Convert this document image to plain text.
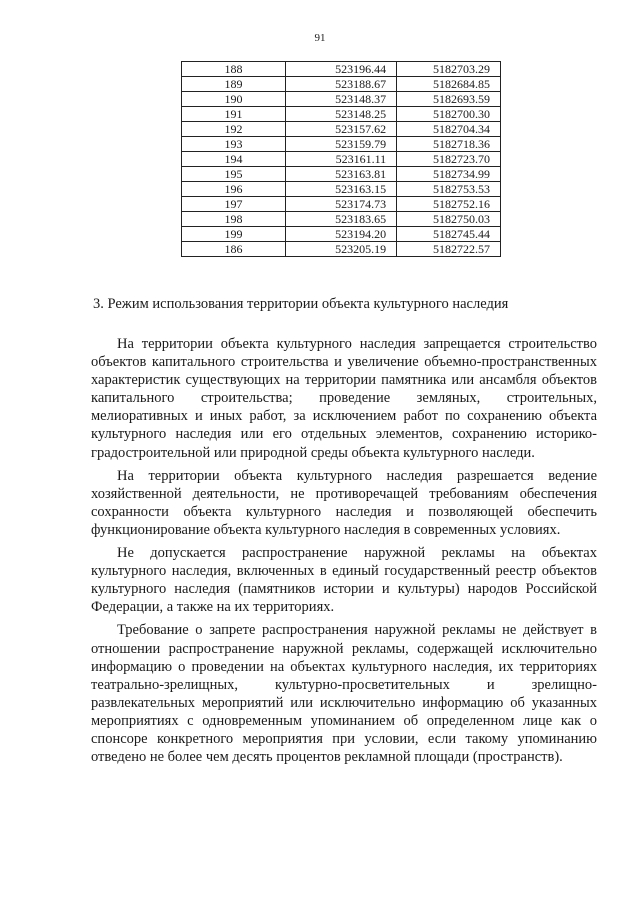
91
188	523196.44	5182703.29
189	523188.67	5182684.85
190	523148.37	5182693.59
191	523148.25	5182700.30
192	523157.62	5182704.34
193	523159.79	5182718.36
194	523161.11	5182723.70
195	523163.81	5182734.99
196	523163.15	5182753.53
197	523174.73	5182752.16
198	523183.65	5182750.03
199	523194.20	5182745.44
186	523205.19	5182722.57
3. Режим использования территории объекта культурного наследия

На территории объекта культурного наследия запрещается строительство объектов капитального строительства и увеличение объемно-пространственных характеристик существующих на территории памятника или ансамбля объектов капитального строительства; проведение земляных, строительных, мелиоративных и иных работ, за исключением работ по сохранению объекта культурного наследия или его отдельных элементов, сохранению историко-градостроительной или природной среды объекта культурного наследи.

На территории объекта культурного наследия разрешается ведение хозяйственной деятельности, не противоречащей требованиям обеспечения сохранности объекта культурного наследия и позволяющей обеспечить функционирование объекта культурного наследия в современных условиях.

Не допускается распространение наружной рекламы на объектах культурного наследия, включенных в единый государственный реестр объектов культурного наследия (памятников истории и культуры) народов Российской Федерации, а также на их территориях.

Требование о запрете распространения наружной рекламы не действует в отношении распространение наружной рекламы, содержащей исключительно информацию о проведении на объектах культурного наследия, их территориях театрально-зрелищных, культурно-просветительных и зрелищно-развлекательных мероприятий или исключительно информацию об указанных мероприятиях с одновременным упоминанием об определенном лице как о спонсоре конкретного мероприятия при условии, если такому упоминанию отведено не более чем десять процентов рекламной площади (пространств).
